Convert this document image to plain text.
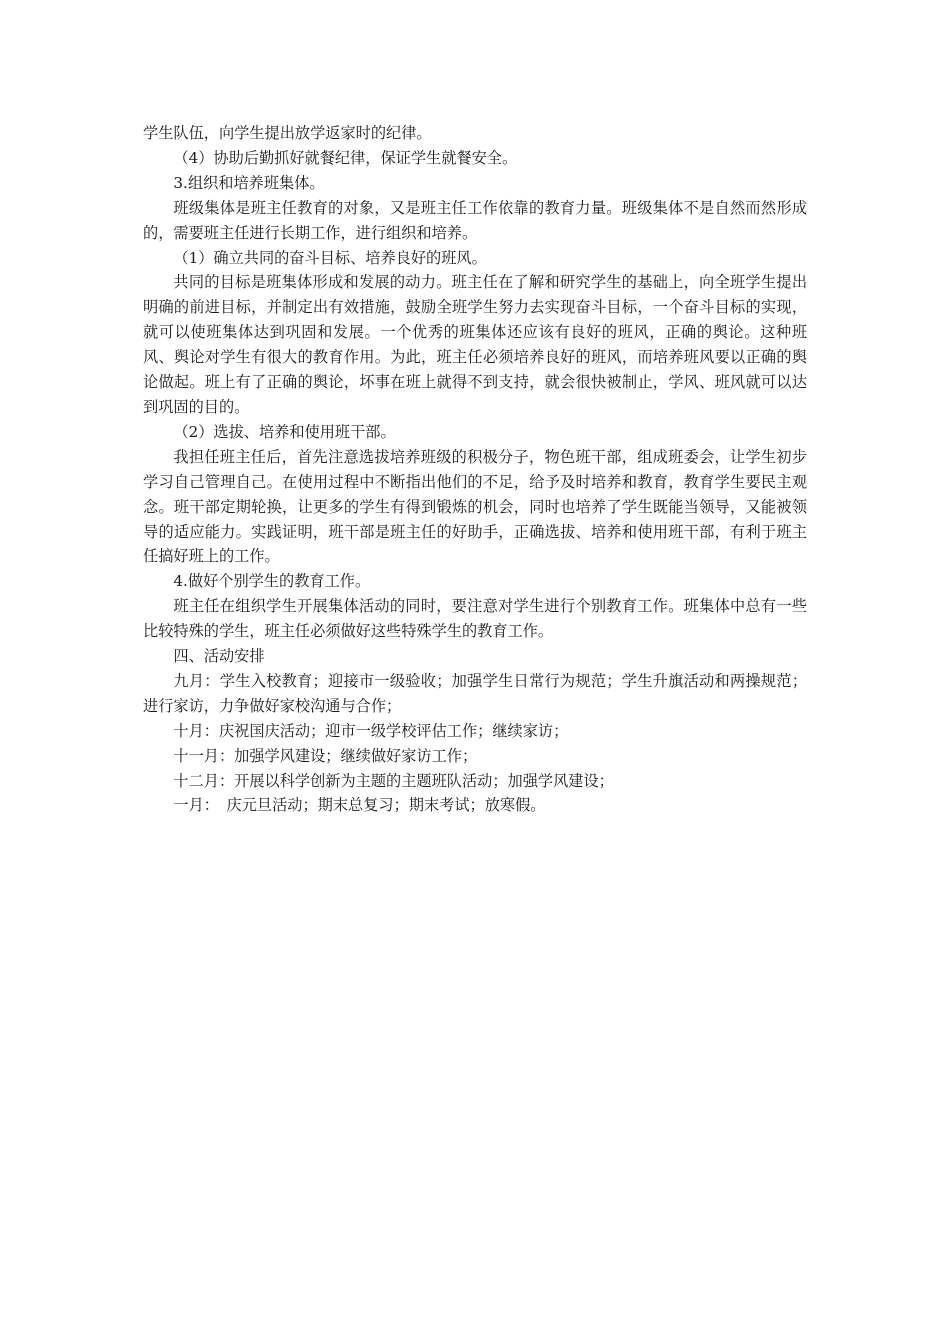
学生队伍，向学生提出放学返家时的纪律。

（4）协助后勤抓好就餐纪律，保证学生就餐安全。

3.组织和培养班集体。

班级集体是班主任教育的对象，又是班主任工作依靠的教育力量。班级集体不是自然而然形成的，需要班主任进行长期工作，进行组织和培养。

（1）确立共同的奋斗目标、培养良好的班风。

共同的目标是班集体形成和发展的动力。班主任在了解和研究学生的基础上，向全班学生提出明确的前进目标，并制定出有效措施，鼓励全班学生努力去实现奋斗目标，一个奋斗目标的实现，就可以使班集体达到巩固和发展。一个优秀的班集体还应该有良好的班风，正确的舆论。这种班风、舆论对学生有很大的教育作用。为此，班主任必须培养良好的班风，而培养班风要以正确的舆论做起。班上有了正确的舆论，坏事在班上就得不到支持，就会很快被制止，学风、班风就可以达到巩固的目的。

（2）选拔、培养和使用班干部。

我担任班主任后，首先注意选拔培养班级的积极分子，物色班干部，组成班委会，让学生初步学习自己管理自己。在使用过程中不断指出他们的不足，给予及时培养和教育，教育学生要民主观念。班干部定期轮换，让更多的学生有得到锻炼的机会，同时也培养了学生既能当领导，又能被领导的适应能力。实践证明，班干部是班主任的好助手，正确选拔、培养和使用班干部，有利于班主任搞好班上的工作。

4.做好个别学生的教育工作。

班主任在组织学生开展集体活动的同时，要注意对学生进行个别教育工作。班集体中总有一些比较特殊的学生，班主任必须做好这些特殊学生的教育工作。

四、活动安排

九月：学生入校教育；迎接市一级验收；加强学生日常行为规范；学生升旗活动和两操规范；进行家访，力争做好家校沟通与合作；

十月：庆祝国庆活动；迎市一级学校评估工作；继续家访；

十一月：加强学风建设；继续做好家访工作；

十二月：开展以科学创新为主题的主题班队活动；加强学风建设；

一月：　庆元旦活动；期末总复习；期末考试；放寒假。
